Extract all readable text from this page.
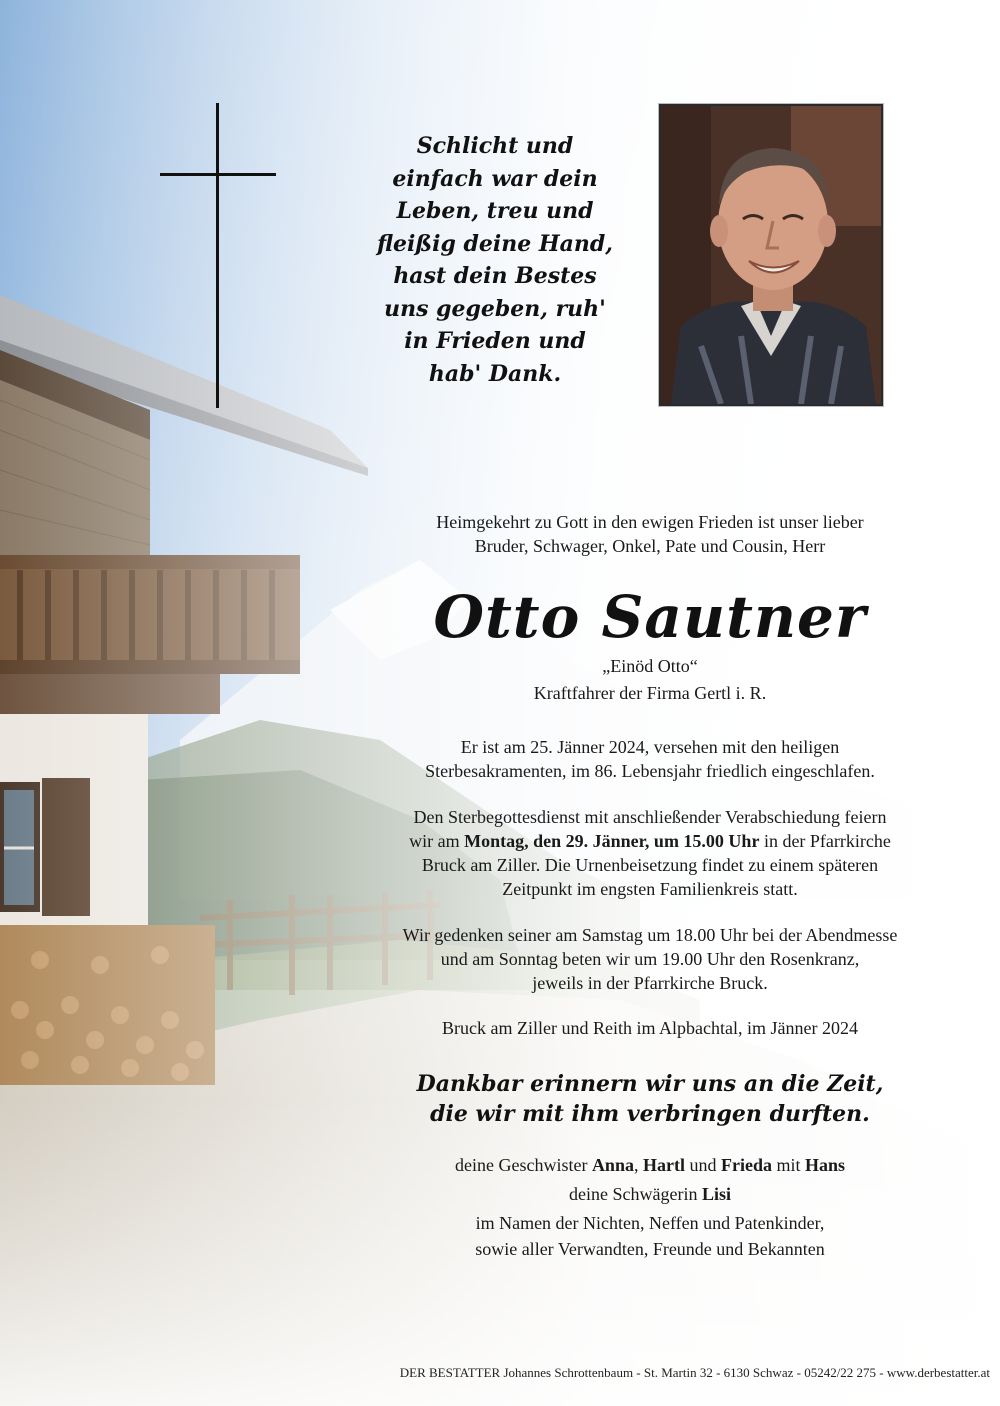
Schlicht und
einfach war dein
Leben, treu und
fleißig deine Hand,
hast dein Bestes
uns gegeben, ruh'
in Frieden und
hab' Dank.
Heimgekehrt zu Gott in den ewigen Frieden ist unser lieber
Bruder, Schwager, Onkel, Pate und Cousin, Herr
Otto Sautner
„Einöd Otto“
Kraftfahrer der Firma Gertl i. R.
Er ist am 25. Jänner 2024, versehen mit den heiligen
Sterbesakramenten, im 86. Lebensjahr friedlich eingeschlafen.
Den Sterbegottesdienst mit anschließender Verabschiedung feiern
wir am Montag, den 29. Jänner, um 15.00 Uhr in der Pfarrkirche
Bruck am Ziller. Die Urnenbeisetzung findet zu einem späteren
Zeitpunkt im engsten Familienkreis statt.
Wir gedenken seiner am Samstag um 18.00 Uhr bei der Abendmesse
und am Sonntag beten wir um 19.00 Uhr den Rosenkranz,
jeweils in der Pfarrkirche Bruck.
Bruck am Ziller und Reith im Alpbachtal, im Jänner 2024
Dankbar erinnern wir uns an die Zeit,
die wir mit ihm verbringen durften.
deine Geschwister Anna, Hartl und Frieda mit Hans
deine Schwägerin Lisi
im Namen der Nichten, Neffen und Patenkinder,
sowie aller Verwandten, Freunde und Bekannten
DER BESTATTER Johannes Schrottenbaum - St. Martin 32 - 6130 Schwaz - 05242/22 275 - www.derbestatter.at
